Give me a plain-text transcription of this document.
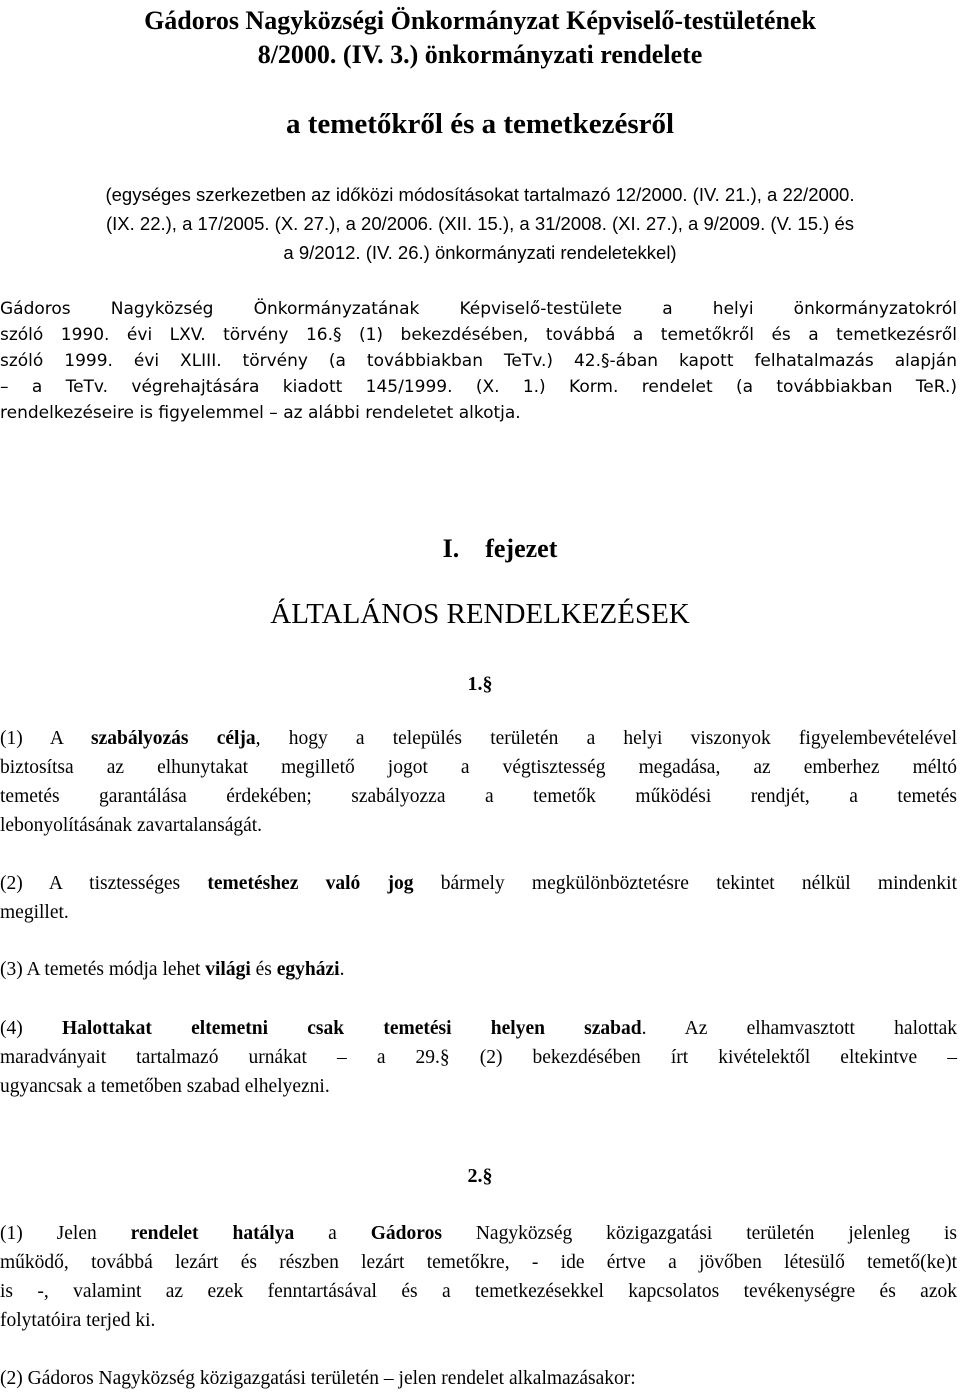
Gádoros Nagyközségi Önkormányzat Képviselő-testületének
8/2000. (IV. 3.) önkormányzati rendelete
a temetőkről és a temetkezésről
(egységes szerkezetben az időközi módosításokat tartalmazó 12/2000. (IV. 21.), a 22/2000.
(IX. 22.), a 17/2005. (X. 27.), a 20/2006. (XII. 15.), a 31/2008. (XI. 27.), a 9/2009. (V. 15.) és
a 9/2012. (IV. 26.) önkormányzati rendeletekkel)
Gádoros Nagyközség Önkormányzatának Képviselő-testülete a helyi önkormányzatokról
szóló 1990. évi LXV. törvény 16.§ (1) bekezdésében, továbbá a temetőkről és a temetkezésről
szóló 1999. évi XLIII. törvény (a továbbiakban TeTv.) 42.§-ában kapott felhatalmazás alapján
– a TeTv. végrehajtására kiadott 145/1999. (X. 1.) Korm. rendelet (a továbbiakban TeR.)
rendelkezéseire is figyelemmel – az alábbi rendeletet alkotja.
I. fejezet
ÁLTALÁNOS RENDELKEZÉSEK
1.§
(1) A szabályozás célja, hogy a település területén a helyi viszonyok figyelembevételével
biztosítsa az elhunytakat megillető jogot a végtisztesség megadása, az emberhez méltó
temetés garantálása érdekében; szabályozza a temetők működési rendjét, a temetés
lebonyolításának zavartalanságát.
(2) A tisztességes temetéshez való jog bármely megkülönböztetésre tekintet nélkül mindenkit
megillet.
(3) A temetés módja lehet világi és egyházi.
(4) Halottakat eltemetni csak temetési helyen szabad. Az elhamvasztott halottak
maradványait tartalmazó urnákat – a 29.§ (2) bekezdésében írt kivételektől eltekintve –
ugyancsak a temetőben szabad elhelyezni.
2.§
(1) Jelen rendelet hatálya a Gádoros Nagyközség közigazgatási területén jelenleg is
működő, továbbá lezárt és részben lezárt temetőkre, - ide értve a jövőben létesülő temető(ke)t
is -, valamint az ezek fenntartásával és a temetkezésekkel kapcsolatos tevékenységre és azok
folytatóira terjed ki.
(2) Gádoros Nagyközség közigazgatási területén – jelen rendelet alkalmazásakor:
